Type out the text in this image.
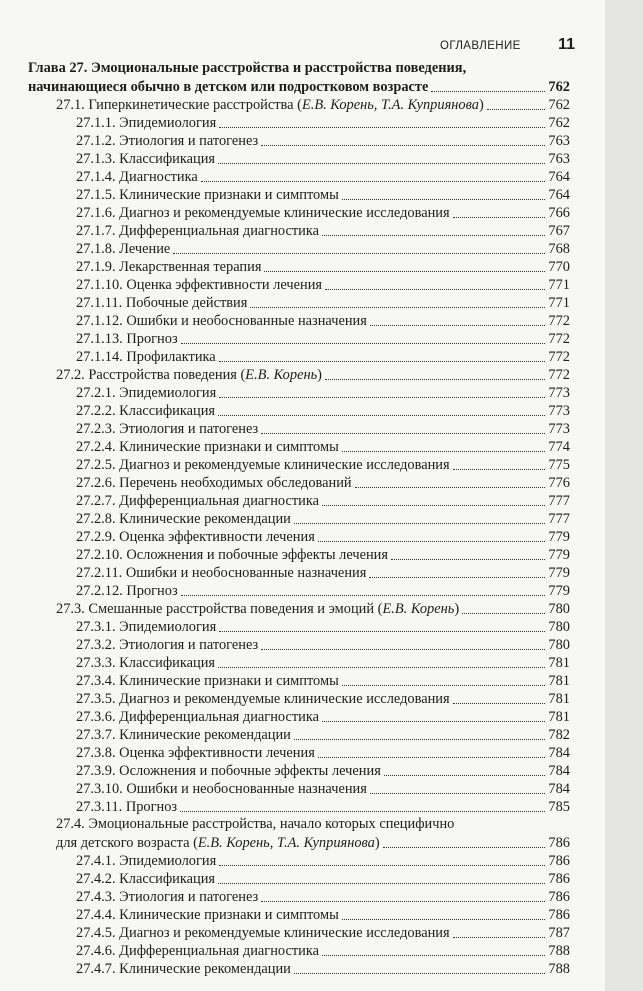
ОГЛАВЛЕНИЕ 11
Глава 27. Эмоциональные расстройства и расстройства поведения,
начинающиеся обычно в детском или подростковом возрасте	762
27.1. Гиперкинетические расстройства (Е.В. Корень, Т.А. Куприянова)	762
27.1.1. Эпидемиология	762
27.1.2. Этиология и патогенез	763
27.1.3. Классификация	763
27.1.4. Диагностика	764
27.1.5. Клинические признаки и симптомы	764
27.1.6. Диагноз и рекомендуемые клинические исследования	766
27.1.7. Дифференциальная диагностика	767
27.1.8. Лечение	768
27.1.9. Лекарственная терапия	770
27.1.10. Оценка эффективности лечения	771
27.1.11. Побочные действия	771
27.1.12. Ошибки и необоснованные назначения	772
27.1.13. Прогноз	772
27.1.14. Профилактика	772
27.2. Расстройства поведения (Е.В. Корень)	772
27.2.1. Эпидемиология	773
27.2.2. Классификация	773
27.2.3. Этиология и патогенез	773
27.2.4. Клинические признаки и симптомы	774
27.2.5. Диагноз и рекомендуемые клинические исследования	775
27.2.6. Перечень необходимых обследований	776
27.2.7. Дифференциальная диагностика	777
27.2.8. Клинические рекомендации	777
27.2.9. Оценка эффективности лечения	779
27.2.10. Осложнения и побочные эффекты лечения	779
27.2.11. Ошибки и необоснованные назначения	779
27.2.12. Прогноз	779
27.3. Смешанные расстройства поведения и эмоций (Е.В. Корень)	780
27.3.1. Эпидемиология	780
27.3.2. Этиология и патогенез	780
27.3.3. Классификация	781
27.3.4. Клинические признаки и симптомы	781
27.3.5. Диагноз и рекомендуемые клинические исследования	781
27.3.6. Дифференциальная диагностика	781
27.3.7. Клинические рекомендации	782
27.3.8. Оценка эффективности лечения	784
27.3.9. Осложнения и побочные эффекты лечения	784
27.3.10. Ошибки и необоснованные назначения	784
27.3.11. Прогноз	785
27.4. Эмоциональные расстройства, начало которых специфично
для детского возраста (Е.В. Корень, Т.А. Куприянова)	786
27.4.1. Эпидемиология	786
27.4.2. Классификация	786
27.4.3. Этиология и патогенез	786
27.4.4. Клинические признаки и симптомы	786
27.4.5. Диагноз и рекомендуемые клинические исследования	787
27.4.6. Дифференциальная диагностика	788
27.4.7. Клинические рекомендации	788
